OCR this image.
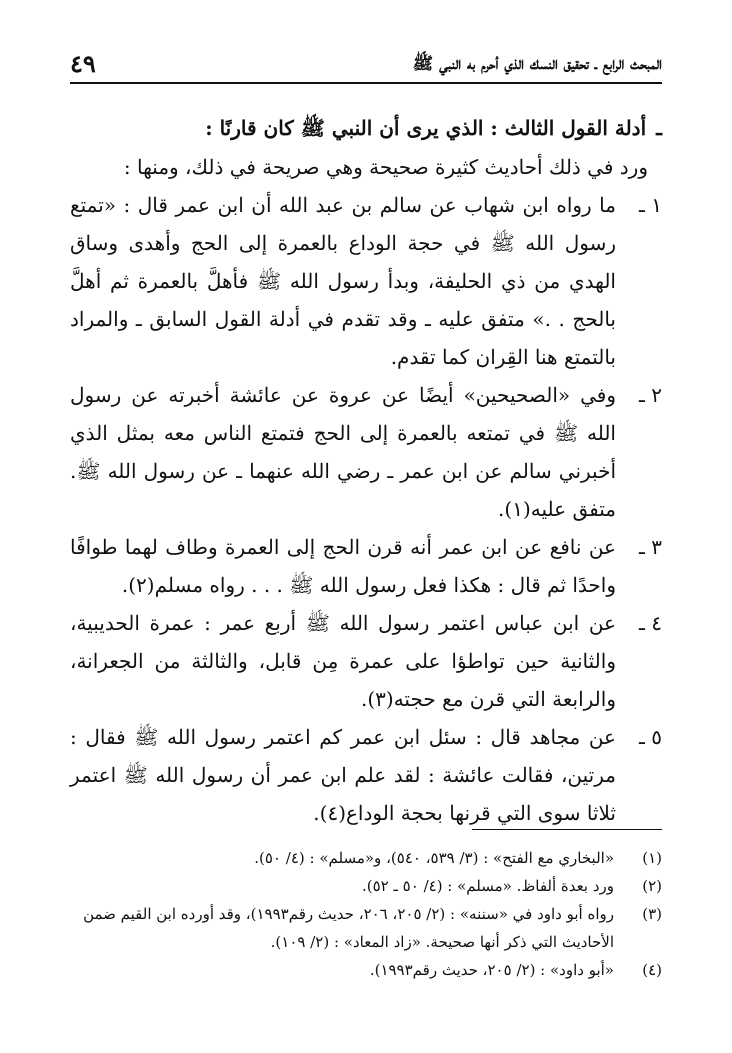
المبحث الرابع ـ تحقيق النسك الذي أحرم به النبي ﷺ
٤٩
ـ
أدلة القول الثالث : الذي يرى أن النبي ﷺ كان قارنًا :
ورد في ذلك أحاديث كثيرة صحيحة وهي صريحة في ذلك، ومنها :
١ ـ
ما رواه ابن شهاب عن سالم بن عبد الله أن ابن عمر قال : «تمتع رسول الله ﷺ في حجة الوداع بالعمرة إلى الحج وأهدى وساق الهدي من ذي الحليفة، وبدأ رسول الله ﷺ فأهلَّ بالعمرة ثم أهلَّ بالحج . .» متفق عليه ـ وقد تقدم في أدلة القول السابق ـ والمراد بالتمتع هنا القِران كما تقدم.
٢ ـ
وفي «الصحيحين» أيضًا عن عروة عن عائشة أخبرته عن رسول الله ﷺ في تمتعه بالعمرة إلى الحج فتمتع الناس معه بمثل الذي أخبرني سالم عن ابن عمر ـ رضي الله عنهما ـ عن رسول الله ﷺ. متفق عليه(١).
٣ ـ
عن نافع عن ابن عمر أنه قرن الحج إلى العمرة وطاف لهما طوافًا واحدًا ثم قال : هكذا فعل رسول الله ﷺ . . . رواه مسلم(٢).
٤ ـ
عن ابن عباس اعتمر رسول الله ﷺ أربع عمر : عمرة الحديبية، والثانية حين تواطؤا على عمرة مِن قابل، والثالثة من الجعرانة، والرابعة التي قرن مع حجته(٣).
٥ ـ
عن مجاهد قال : سئل ابن عمر كم اعتمر رسول الله ﷺ فقال : مرتين، فقالت عائشة : لقد علم ابن عمر أن رسول الله ﷺ اعتمر ثلاثا سوى التي قرنها بحجة الوداع(٤).
(١)
«البخاري مع الفتح» : (٣/ ٥٣٩، ٥٤٠)، و«مسلم» : (٤/ ٥٠).
(٢)
ورد بعدة ألفاظ. «مسلم» : (٤/ ٥٠ ـ ٥٢).
(٣)
رواه أبو داود في «سننه» : (٢/ ٢٠٥، ٢٠٦، حديث رقم١٩٩٣)، وقد أورده ابن القيم ضمن الأحاديث التي ذكر أنها صحيحة. «زاد المعاد» : (٢/ ١٠٩).
(٤)
«أبو داود» : (٢/ ٢٠٥، حديث رقم١٩٩٣).
